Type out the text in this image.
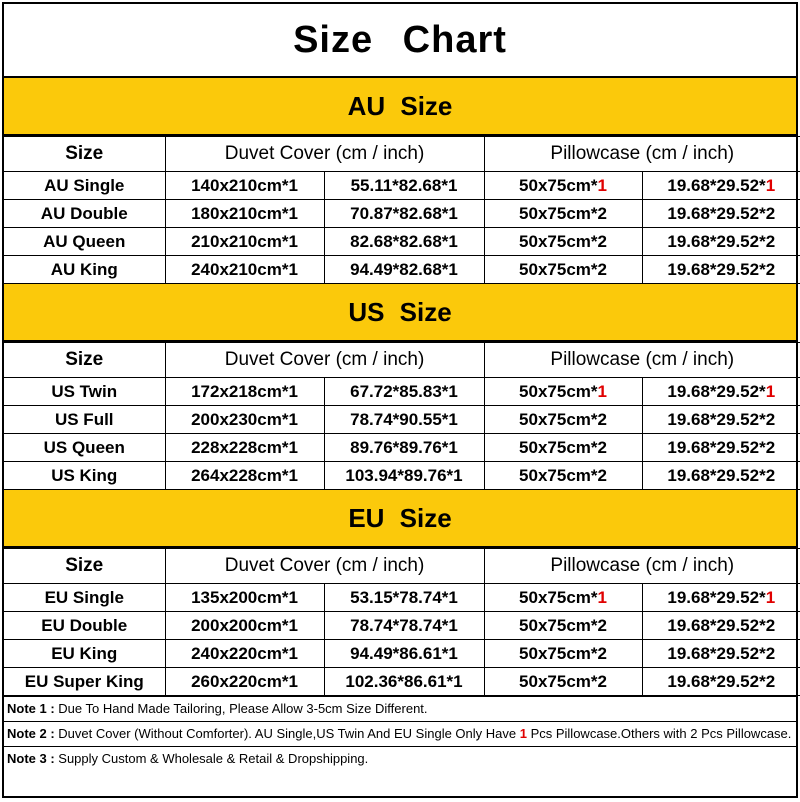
Size Chart
AU Size
Size	Duvet Cover (cm / inch)		Pillowcase (cm / inch)	
AU Single	140x210cm*1	55.11*82.68*1	50x75cm*1	19.68*29.52*1
AU Double	180x210cm*1	70.87*82.68*1	50x75cm*2	19.68*29.52*2
AU Queen	210x210cm*1	82.68*82.68*1	50x75cm*2	19.68*29.52*2
AU King	240x210cm*1	94.49*82.68*1	50x75cm*2	19.68*29.52*2
US Size
Size	Duvet Cover (cm / inch)		Pillowcase (cm / inch)	
US Twin	172x218cm*1	67.72*85.83*1	50x75cm*1	19.68*29.52*1
US Full	200x230cm*1	78.74*90.55*1	50x75cm*2	19.68*29.52*2
US Queen	228x228cm*1	89.76*89.76*1	50x75cm*2	19.68*29.52*2
US King	264x228cm*1	103.94*89.76*1	50x75cm*2	19.68*29.52*2
EU Size
Size	Duvet Cover (cm / inch)		Pillowcase (cm / inch)	
EU Single	135x200cm*1	53.15*78.74*1	50x75cm*1	19.68*29.52*1
EU Double	200x200cm*1	78.74*78.74*1	50x75cm*2	19.68*29.52*2
EU King	240x220cm*1	94.49*86.61*1	50x75cm*2	19.68*29.52*2
EU Super King	260x220cm*1	102.36*86.61*1	50x75cm*2	19.68*29.52*2
Note 1 : Due To Hand Made Tailoring, Please Allow 3-5cm Size Different.
Note 2 : Duvet Cover (Without Comforter). AU Single,US Twin And EU Single Only Have 1 Pcs Pillowcase.Others with 2 Pcs Pillowcase.
Note 3 : Supply Custom & Wholesale & Retail & Dropshipping.
